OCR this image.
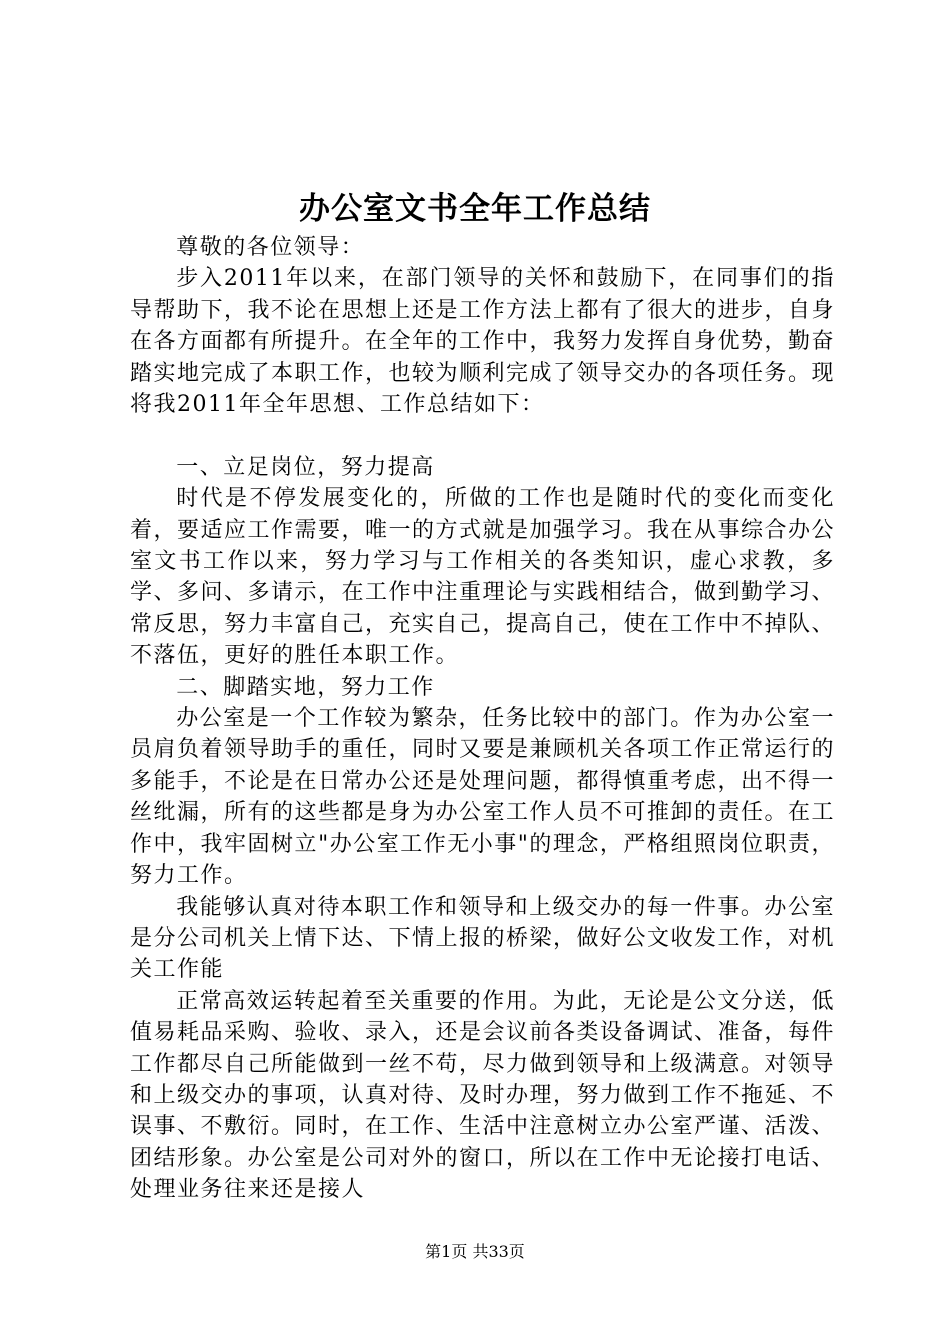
办公室文书全年工作总结

尊敬的各位领导：

步入2011年以来，在部门领导的关怀和鼓励下，在同事们的指导帮助下，我不论在思想上还是工作方法上都有了很大的进步，自身在各方面都有所提升。在全年的工作中，我努力发挥自身优势，勤奋踏实地完成了本职工作，也较为顺利完成了领导交办的各项任务。现将我2011年全年思想、工作总结如下：

一、立足岗位，努力提高

时代是不停发展变化的，所做的工作也是随时代的变化而变化着，要适应工作需要，唯一的方式就是加强学习。我在从事综合办公室文书工作以来，努力学习与工作相关的各类知识，虚心求教，多学、多问、多请示，在工作中注重理论与实践相结合，做到勤学习、常反思，努力丰富自己，充实自己，提高自己，使在工作中不掉队、不落伍，更好的胜任本职工作。

二、脚踏实地，努力工作

办公室是一个工作较为繁杂，任务比较中的部门。作为办公室一员肩负着领导助手的重任，同时又要是兼顾机关各项工作正常运行的多能手，不论是在日常办公还是处理问题，都得慎重考虑，出不得一丝纰漏，所有的这些都是身为办公室工作人员不可推卸的责任。在工作中，我牢固树立"办公室工作无小事"的理念，严格组照岗位职责，努力工作。

我能够认真对待本职工作和领导和上级交办的每一件事。办公室是分公司机关上情下达、下情上报的桥梁，做好公文收发工作，对机关工作能

正常高效运转起着至关重要的作用。为此，无论是公文分送，低值易耗品采购、验收、录入，还是会议前各类设备调试、准备，每件工作都尽自己所能做到一丝不苟，尽力做到领导和上级满意。对领导和上级交办的事项，认真对待、及时办理，努力做到工作不拖延、不误事、不敷衍。同时，在工作、生活中注意树立办公室严谨、活泼、团结形象。办公室是公司对外的窗口，所以在工作中无论接打电话、处理业务往来还是接人

第1页 共33页
